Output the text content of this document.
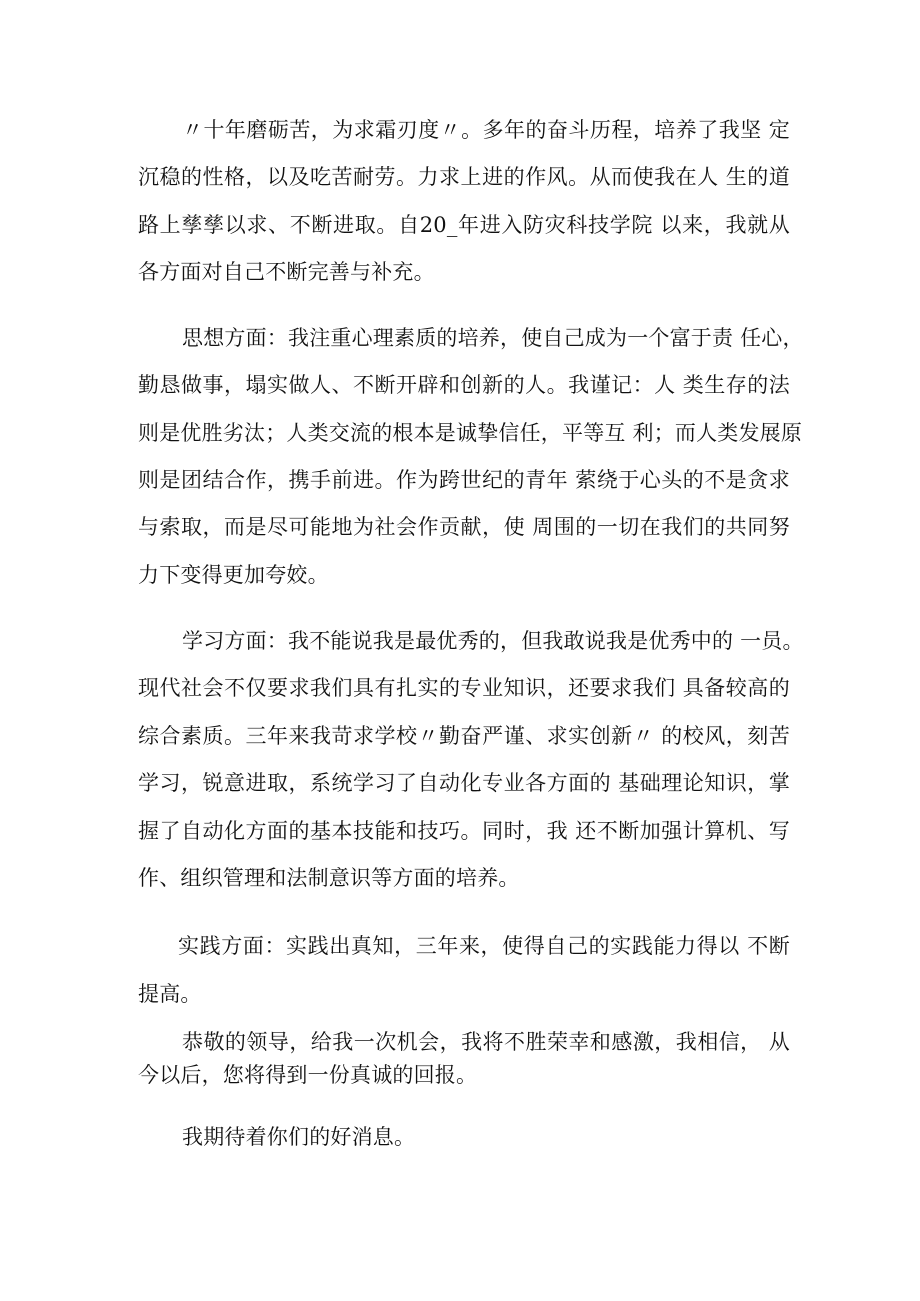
〃十年磨砺苦，为求霜刃度〃。多年的奋斗历程，培养了我坚 定
沉稳的性格，以及吃苦耐劳。力求上进的作风。从而使我在人 生的道
路上孳孳以求、不断进取。自20_年进入防灾科技学院 以来，我就从
各方面对自己不断完善与补充。
思想方面：我注重心理素质的培养，使自己成为一个富于责 任心，
勤恳做事，塌实做人、不断开辟和创新的人。我谨记：人 类生存的法
则是优胜劣汰；人类交流的根本是诚挚信任，平等互 利；而人类发展原
则是团结合作，携手前进。作为跨世纪的青年 萦绕于心头的不是贪求
与索取，而是尽可能地为社会作贡献，使 周围的一切在我们的共同努
力下变得更加夸姣。
学习方面：我不能说我是最优秀的，但我敢说我是优秀中的 一员。
现代社会不仅要求我们具有扎实的专业知识，还要求我们 具备较高的
综合素质。三年来我苛求学校〃勤奋严谨、求实创新〃 的校风，刻苦
学习，锐意进取，系统学习了自动化专业各方面的 基础理论知识，掌
握了自动化方面的基本技能和技巧。同时，我 还不断加强计算机、写
作、组织管理和法制意识等方面的培养。
实践方面：实践出真知，三年来，使得自己的实践能力得以 不断
提高。
恭敬的领导，给我一次机会，我将不胜荣幸和感激，我相信， 从
今以后，您将得到一份真诚的回报。
我期待着你们的好消息。
